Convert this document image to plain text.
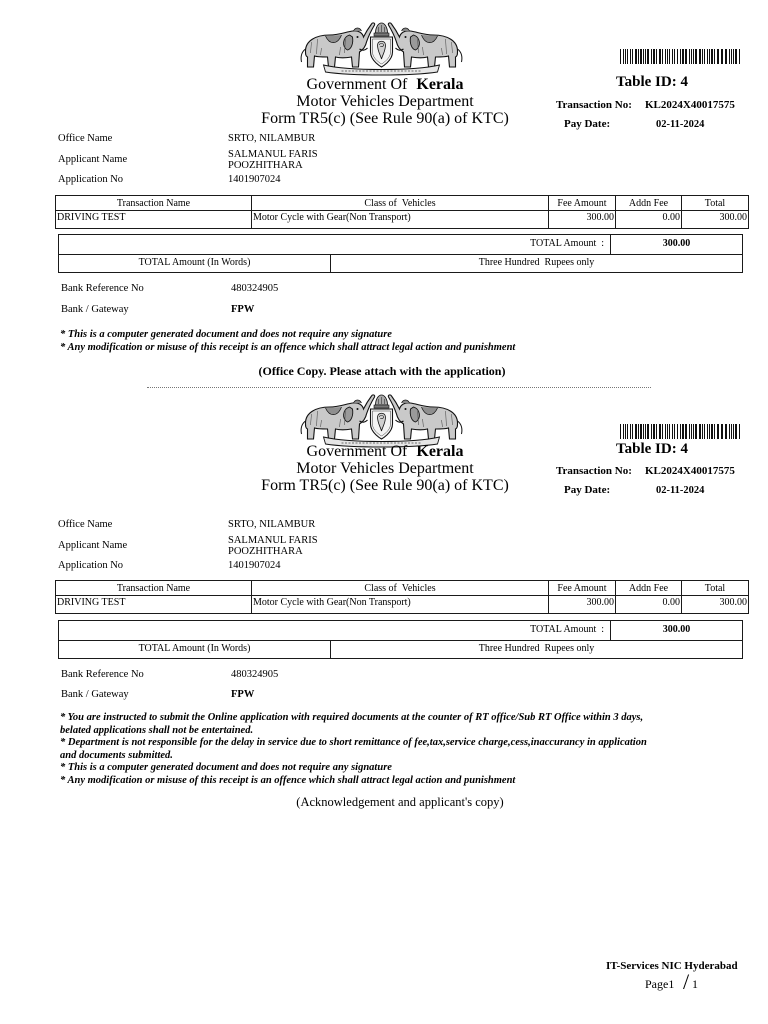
Table ID: 4
Government Of Kerala
Motor Vehicles Department
Form TR5(c) (See Rule 90(a) of KTC)
Transaction No: KL2024X40017575
Pay Date:	02-11-2024
Office Name	SRTO, NILAMBUR
Applicant Name	SALMANUL FARIS
POOZHITHARA
Application No	1401907024
Transaction Name	Class of  Vehicles	Fee Amount	Addn Fee	Total
DRIVING TEST	Motor Cycle with Gear(Non Transport)	300.00	0.00	300.00
TOTAL Amount  :	300.00
TOTAL Amount (In Words)	Three Hundred  Rupees only
Bank Reference No	480324905
Bank / Gateway	FPW
* This is a computer generated document and does not require any signature
* Any modification or misuse of this receipt is an offence which shall attract legal action and punishment
(Office Copy. Please attach with the application)
Table ID: 4
Government Of Kerala
Motor Vehicles Department
Form TR5(c) (See Rule 90(a) of KTC)
Transaction No: KL2024X40017575
Pay Date:	02-11-2024
Office Name	SRTO, NILAMBUR
Applicant Name	SALMANUL FARIS
POOZHITHARA
Application No	1401907024
Transaction Name	Class of  Vehicles	Fee Amount	Addn Fee	Total
DRIVING TEST	Motor Cycle with Gear(Non Transport)	300.00	0.00	300.00
TOTAL Amount  :	300.00
TOTAL Amount (In Words)	Three Hundred  Rupees only
Bank Reference No	480324905
Bank / Gateway	FPW
* You are instructed to submit the Online application with required documents at the counter of RT office/Sub RT Office within 3 days,
belated applications shall not be entertained.
* Department is not responsible for the delay in service due to short remittance of fee,tax,service charge,cess,inaccurancy in application
and documents submitted.
* This is a computer generated document and does not require any signature
* Any modification or misuse of this receipt is an offence which shall attract legal action and punishment
(Acknowledgement and applicant's copy)
IT-Services NIC Hyderabad
Page1 / 1
